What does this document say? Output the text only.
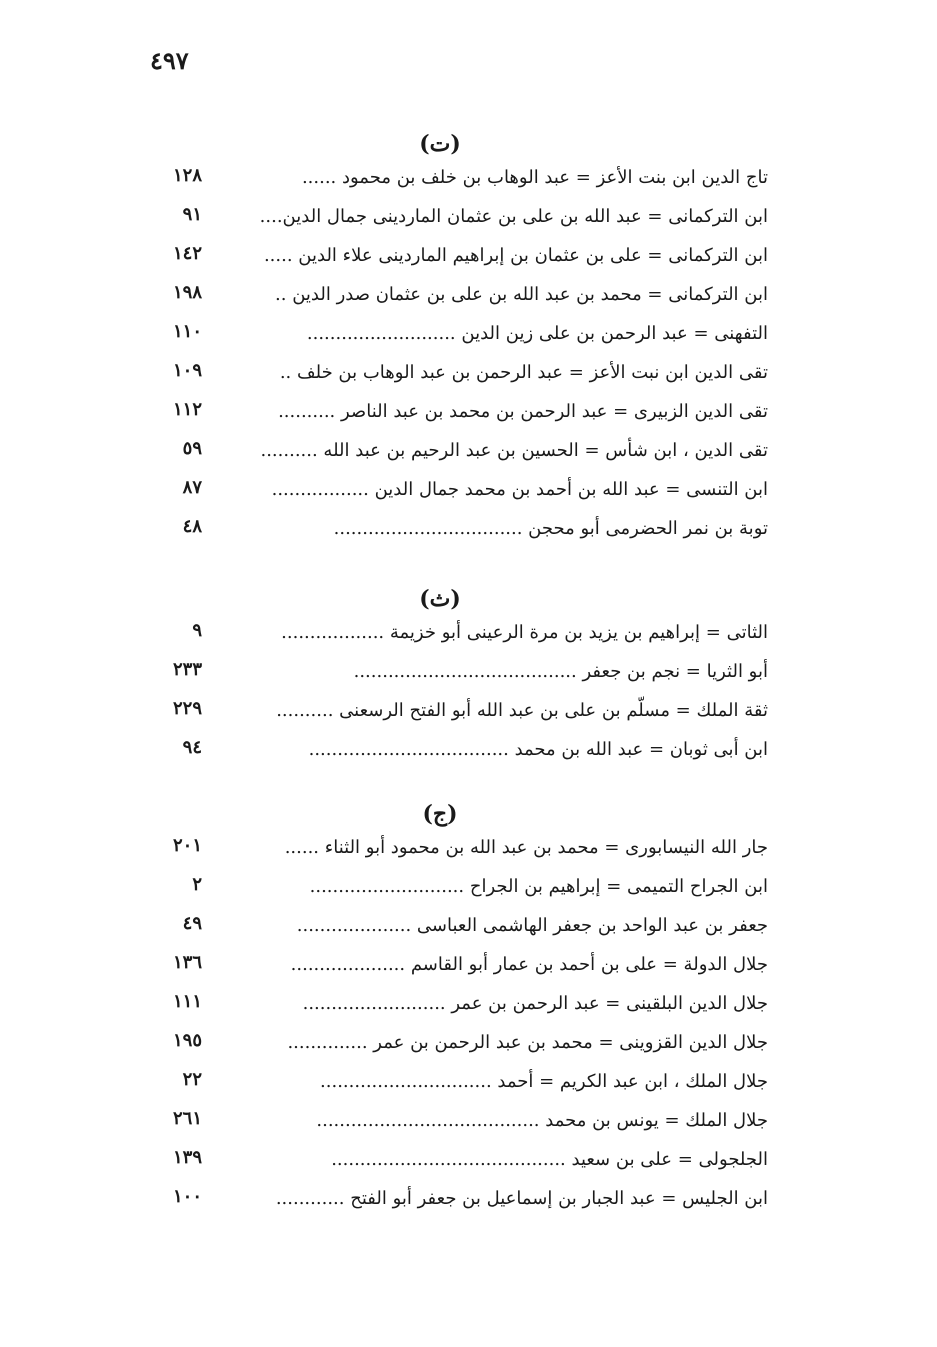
٤٩٧
(ت)
تاج الدين ابن بنت الأعز = عبد الوهاب بن خلف بن محمود ......
١٢٨
ابن التركمانى = عبد الله بن على بن عثمان الماردينى جمال الدين....
٩١
ابن التركمانى = على بن عثمان بن إبراهيم الماردينى علاء الدين .....
١٤٢
ابن التركمانى = محمد بن عبد الله بن على بن عثمان صدر الدين ..
١٩٨
التفهنى = عبد الرحمن بن على زين الدين ..........................
١١٠
تقى الدين ابن نبت الأعز = عبد الرحمن بن عبد الوهاب بن خلف ..
١٠٩
تقى الدين الزبيرى = عبد الرحمن بن محمد بن عبد الناصر ..........
١١٢
تقى الدين ، ابن شأس = الحسين بن عبد الرحيم بن عبد الله ..........
٥٩
ابن التنسى = عبد الله بن أحمد بن محمد جمال الدين .................
٨٧
توبة بن نمر الحضرمى أبو محجن .................................
٤٨
(ث)
الثاتى = إبراهيم بن يزيد بن مرة الرعينى أبو خزيمة ..................
٩
أبو الثريا = نجم بن جعفر .......................................
٢٣٣
ثقة الملك = مسلّم بن على بن عبد الله أبو الفتح الرسعنى ..........
٢٢٩
ابن أبى ثوبان = عبد الله بن محمد ...................................
٩٤
(ج)
جار الله النيسابورى = محمد بن عبد الله بن محمود أبو الثناء ......
٢٠١
ابن الجراح التميمى = إبراهيم بن الجراح ...........................
٢
جعفر بن عبد الواحد بن جعفر الهاشمى العباسى ....................
٤٩
جلال الدولة = على بن أحمد بن عمار أبو القاسم ....................
١٣٦
جلال الدين البلقينى = عبد الرحمن بن عمر .........................
١١١
جلال الدين القزوينى = محمد بن عبد الرحمن بن عمر ..............
١٩٥
جلال الملك ، ابن عبد الكريم = أحمد ..............................
٢٢
جلال الملك = يونس بن محمد .......................................
٢٦١
الجلجولى = على بن سعيد .........................................
١٣٩
ابن الجليس = عبد الجبار بن إسماعيل بن جعفر أبو الفتح ............
١٠٠
